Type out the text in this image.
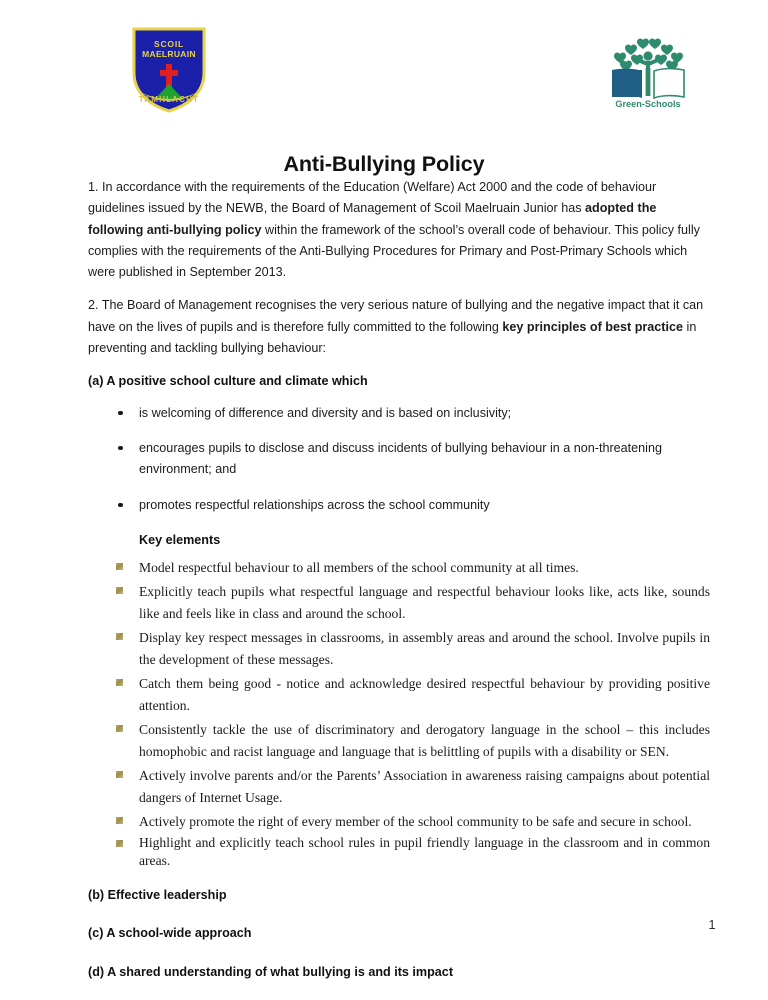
SCOIL
MAELRUAIN
TAMHLACHT	Green-Schools
Anti-Bullying Policy

1. In accordance with the requirements of the Education (Welfare) Act 2000 and the code of behaviour guidelines issued by the NEWB, the Board of Management of Scoil Maelruain Junior has adopted the following anti-bullying policy within the framework of the school’s overall code of behaviour. This policy fully complies with the requirements of the Anti-Bullying Procedures for Primary and Post-Primary Schools which were published in September 2013.

2. The Board of Management recognises the very serious nature of bullying and the negative impact that it can have on the lives of pupils and is therefore fully committed to the following key principles of best practice in preventing and tackling bullying behaviour:

(a) A positive school culture and climate which
is welcoming of difference and diversity and is based on inclusivity;
encourages pupils to disclose and discuss incidents of bullying behaviour in a non-threatening environment; and
promotes respectful relationships across the school community
Key elements
Model respectful behaviour to all members of the school community at all times.
Explicitly teach pupils what respectful language and respectful behaviour looks like, acts like, sounds like and feels like in class and around the school.
Display key respect messages in classrooms, in assembly areas and around the school. Involve pupils in the development of these messages.
Catch them being good - notice and acknowledge desired respectful behaviour by providing positive attention.
Consistently tackle the use of discriminatory and derogatory language in the school – this includes homophobic and racist language and language that is belittling of pupils with a disability or SEN.
Actively involve parents and/or the Parents’ Association in awareness raising campaigns about potential dangers of Internet Usage.
Actively promote the right of every member of the school community to be safe and secure in school.
Highlight and explicitly teach school rules in pupil friendly language in the classroom and in common areas.
(b) Effective leadership
(c) A school-wide approach
(d) A shared understanding of what bullying is and its impact
1
